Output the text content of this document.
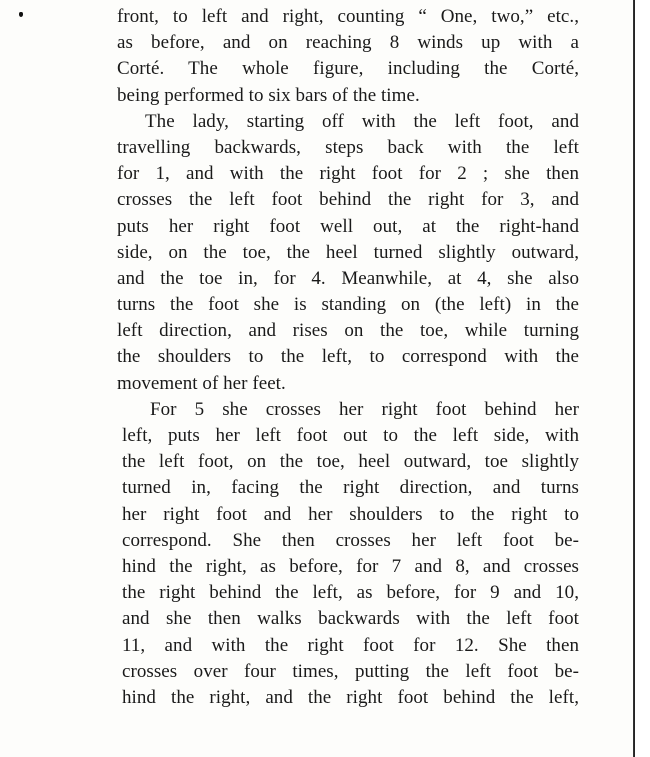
front, to left and right, counting “ One, two,” etc.,
as before, and on reaching 8 winds up with a
Corté. The whole figure, including the Corté,
being performed to six bars of the time.
The lady, starting off with the left foot, and
travelling backwards, steps back with the left
for 1, and with the right foot for 2 ; she then
crosses the left foot behind the right for 3, and
puts her right foot well out, at the right-hand
side, on the toe, the heel turned slightly outward,
and the toe in, for 4. Meanwhile, at 4, she also
turns the foot she is standing on (the left) in the
left direction, and rises on the toe, while turning
the shoulders to the left, to correspond with the
movement of her feet.
For 5 she crosses her right foot behind her
left, puts her left foot out to the left side, with
the left foot, on the toe, heel outward, toe slightly
turned in, facing the right direction, and turns
her right foot and her shoulders to the right to
correspond. She then crosses her left foot be-
hind the right, as before, for 7 and 8, and crosses
the right behind the left, as before, for 9 and 10,
and she then walks backwards with the left foot
11, and with the right foot for 12. She then
crosses over four times, putting the left foot be-
hind the right, and the right foot behind the left,
